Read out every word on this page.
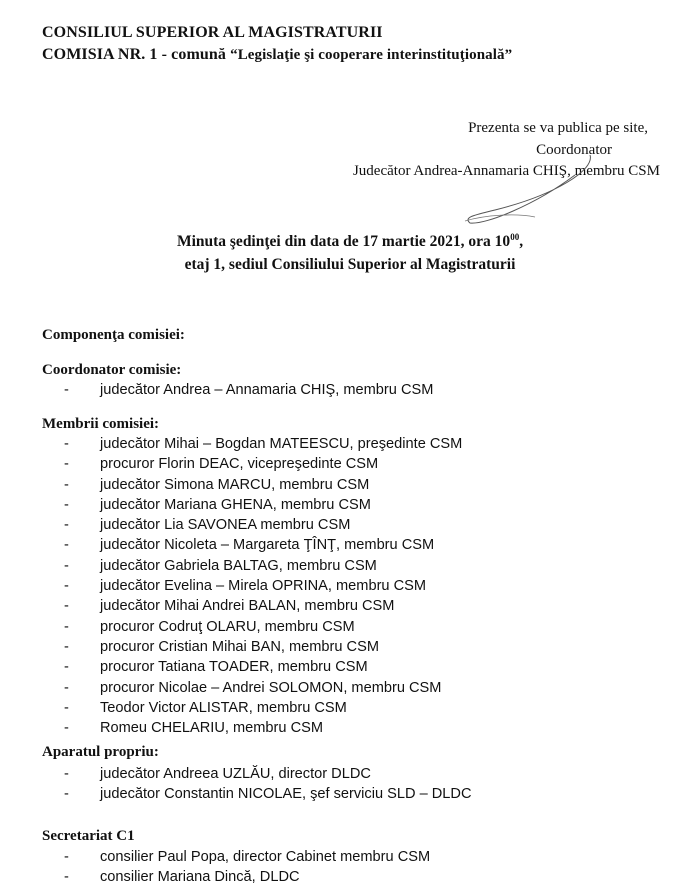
CONSILIUL SUPERIOR AL MAGISTRATURII
COMISIA NR. 1 - comună “Legislaţie şi cooperare interinstituţională”
Prezenta se va publica pe site,
Coordonator
Judecător Andrea-Annamaria CHIŞ, membru CSM
Minuta şedinţei din data de 17 martie 2021, ora $10^{00}$,
etaj 1, sediul Consiliului Superior al Magistraturii
Componenţa comisiei:
Coordonator comisie:
-	judecător Andrea – Annamaria CHIŞ, membru CSM
Membrii comisiei:
-	judecător Mihai – Bogdan MATEESCU, preşedinte CSM
-	procuror Florin DEAC, vicepreşedinte CSM
-	judecător Simona MARCU, membru CSM
-	judecător Mariana GHENA, membru CSM
-	judecător Lia SAVONEA membru CSM
-	judecător Nicoleta – Margareta ŢÎNŢ, membru CSM
-	judecător Gabriela BALTAG, membru CSM
-	judecător Evelina – Mirela OPRINA, membru CSM
-	judecător Mihai Andrei BALAN, membru CSM
-	procuror Codruţ OLARU, membru CSM
-	procuror Cristian Mihai BAN, membru CSM
-	procuror Tatiana TOADER, membru CSM
-	procuror Nicolae – Andrei SOLOMON, membru CSM
-	Teodor Victor ALISTAR, membru CSM
-	Romeu CHELARIU, membru CSM
Aparatul propriu:
-	judecător Andreea UZLĂU, director DLDC
-	judecător Constantin NICOLAE, şef serviciu SLD – DLDC
Secretariat C1
-	consilier Paul Popa, director Cabinet membru CSM
-	consilier Mariana Dincă, DLDC
